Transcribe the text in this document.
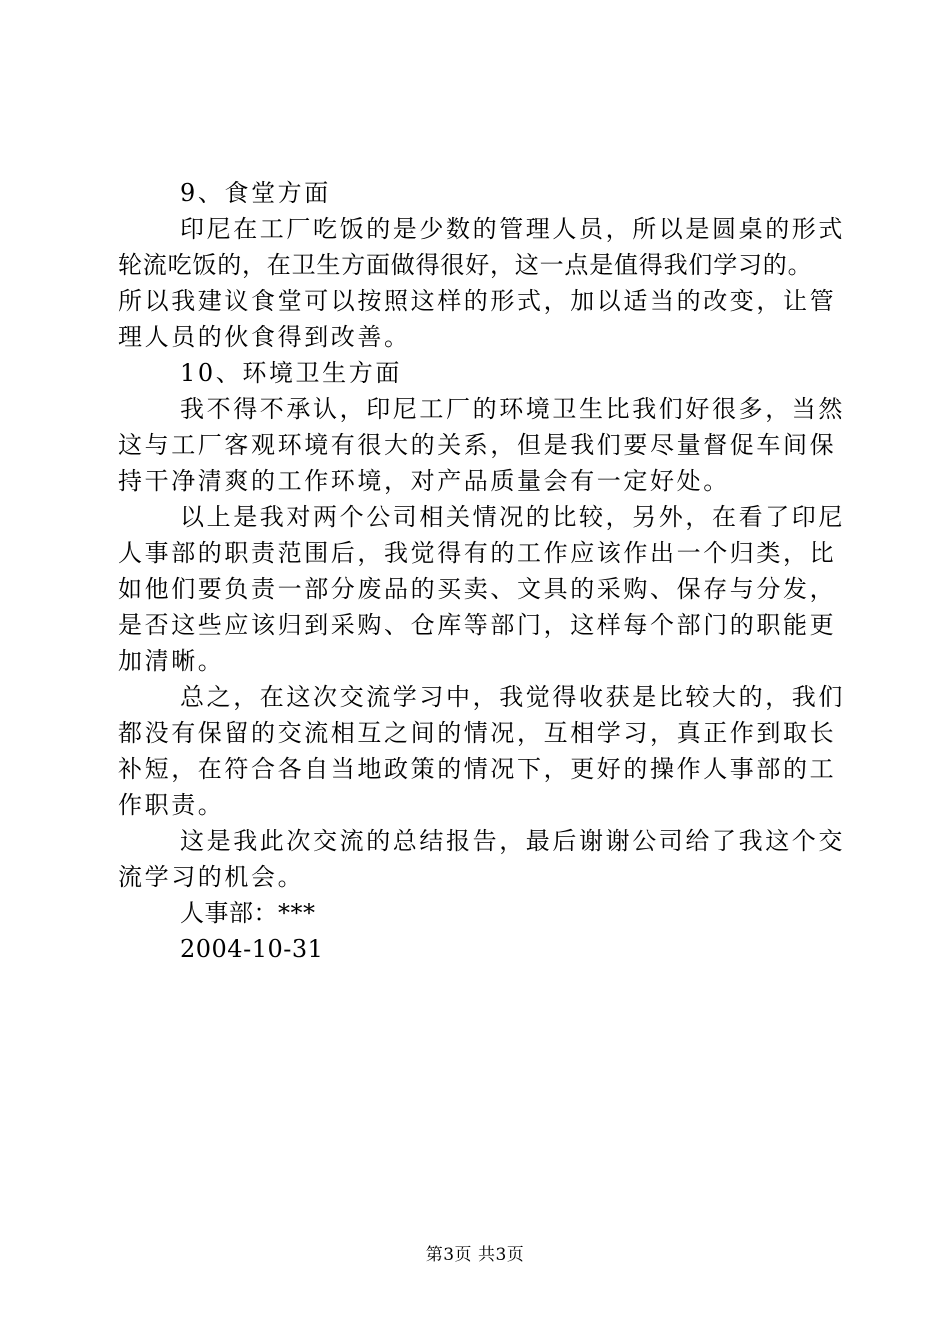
9、食堂方面
印尼在工厂吃饭的是少数的管理人员，所以是圆桌的形式
轮流吃饭的，在卫生方面做得很好，这一点是值得我们学习的。
所以我建议食堂可以按照这样的形式，加以适当的改变，让管
理人员的伙食得到改善。
10、环境卫生方面
我不得不承认，印尼工厂的环境卫生比我们好很多，当然
这与工厂客观环境有很大的关系，但是我们要尽量督促车间保
持干净清爽的工作环境，对产品质量会有一定好处。
以上是我对两个公司相关情况的比较，另外，在看了印尼
人事部的职责范围后，我觉得有的工作应该作出一个归类，比
如他们要负责一部分废品的买卖、文具的采购、保存与分发，
是否这些应该归到采购、仓库等部门，这样每个部门的职能更
加清晰。
总之，在这次交流学习中，我觉得收获是比较大的，我们
都没有保留的交流相互之间的情况，互相学习，真正作到取长
补短，在符合各自当地政策的情况下，更好的操作人事部的工
作职责。
这是我此次交流的总结报告，最后谢谢公司给了我这个交
流学习的机会。
人事部：***
2004-10-31
第3页 共3页
